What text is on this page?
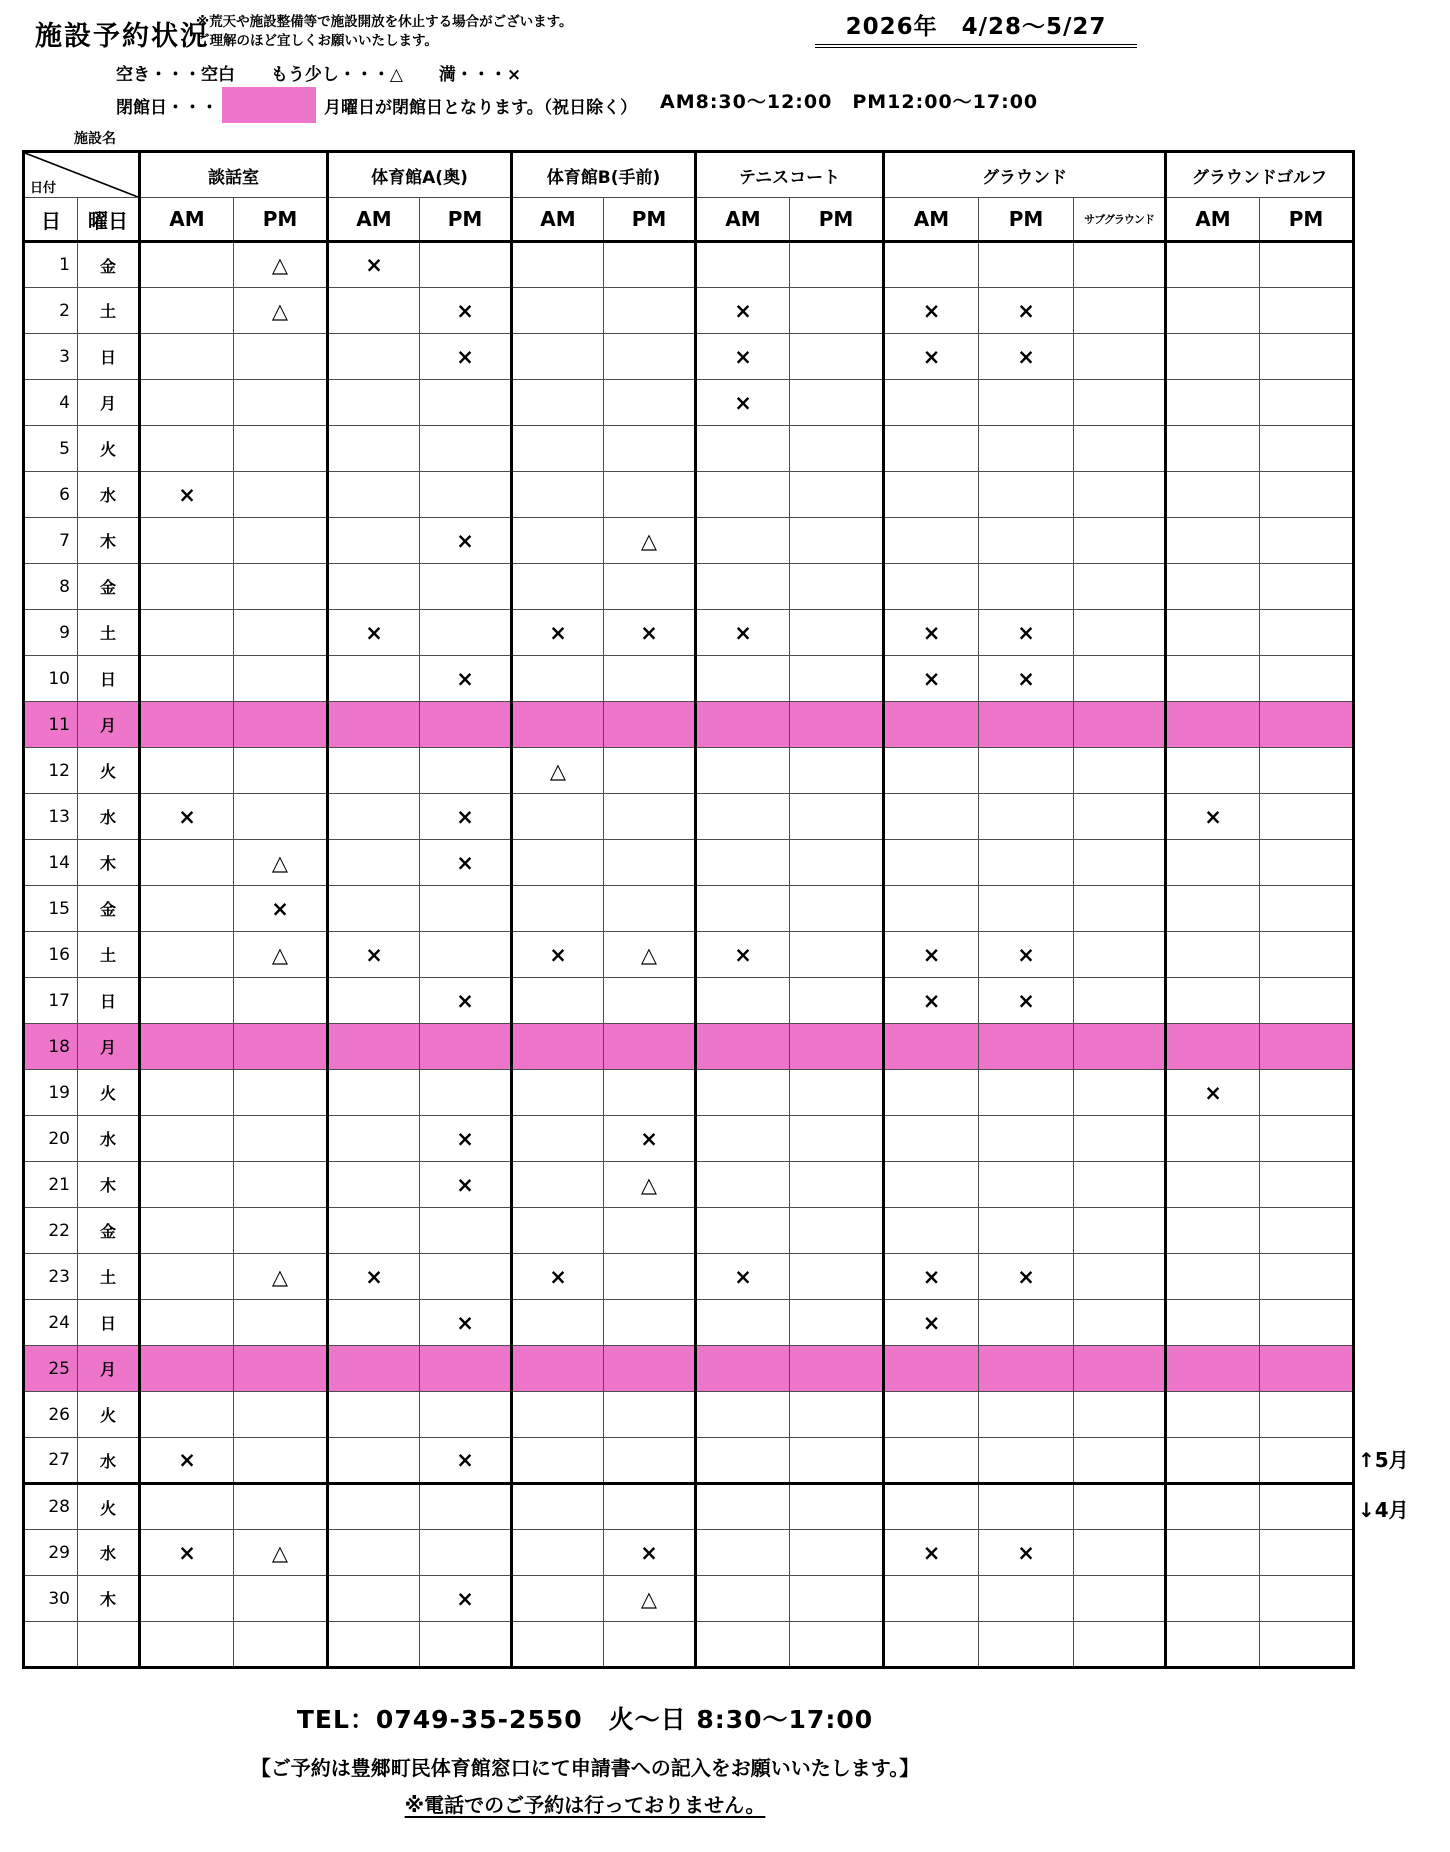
施設予約状況
※荒天や施設整備等で施設開放を休止する場合がございます。
ご理解のほど宜しくお願いいたします。
2026年　4/28～5/27
空き・・・空白 もう少し・・・△ 満・・・×
閉館日・・・	月曜日が閉館日となります。（祝日除く） AM8:30～12:00　PM12:00～17:00
施設名
日付		談話室		体育館A(奥)		体育館B(手前)		テニスコート		グラウンド			グラウンドゴルフ	
日	曜日	AM	PM	AM	PM	AM	PM	AM	PM	AM	PM	サブグラウンド	AM	PM
1	金		△	×										
2	土		△		×			×		×	×			
3	日				×			×		×	×			
4	月							×						
5	火													
6	水	×												
7	木				×		△							
8	金													
9	土			×		×	×	×		×	×			
10	日				×					×	×			
11	月													
12	火					△								
13	水	×			×								×	
14	木		△		×									
15	金		×											
16	土		△	×		×	△	×		×	×			
17	日				×					×	×			
18	月													
19	火												×	
20	水				×		×							
21	木				×		△							
22	金													
23	土		△	×		×		×		×	×			
24	日				×					×				
25	月													
26	火													
27	水	×			×									
28	火													
29	水	×	△				×			×	×			
30	木				×		△							

↑5月
↓4月
TEL：0749-35-2550　火～日 8:30～17:00
【ご予約は豊郷町民体育館窓口にて申請書への記入をお願いいたします。】
※電話でのご予約は行っておりません。
